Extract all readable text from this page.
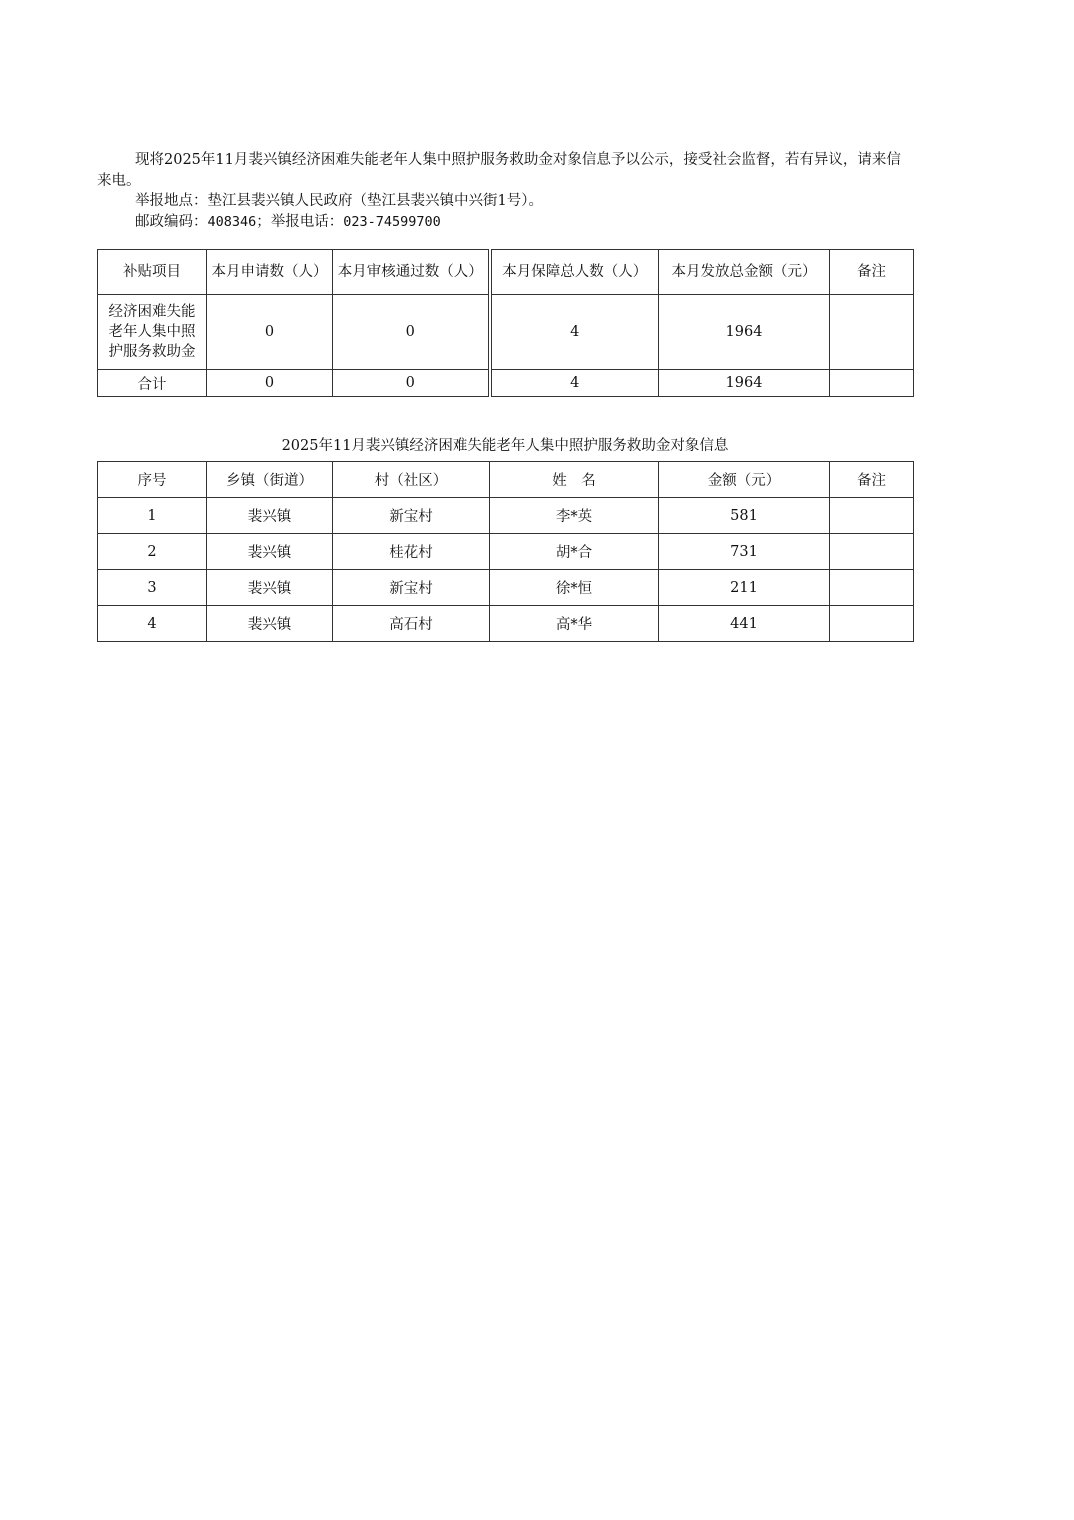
现将2025年11月裴兴镇经济困难失能老年人集中照护服务救助金对象信息予以公示，接受社会监督，若有异议，请来信来电。

举报地点：垫江县裴兴镇人民政府（垫江县裴兴镇中兴街1号）。

邮政编码：408346；举报电话：023-74599700

补贴项目	本月申请数（人）	本月审核通过数（人）	本月保障总人数（人）	本月发放总金额（元）	备注
经济困难失能老年人集中照护服务救助金	0	0	4	1964	
合计	0	0	4	1964	
2025年11月裴兴镇经济困难失能老年人集中照护服务救助金对象信息
序号	乡镇（街道）	村（社区）	姓　名	金额（元）	备注
1	裴兴镇	新宝村	李*英	581	
2	裴兴镇	桂花村	胡*合	731	
3	裴兴镇	新宝村	徐*恒	211	
4	裴兴镇	高石村	高*华	441	
